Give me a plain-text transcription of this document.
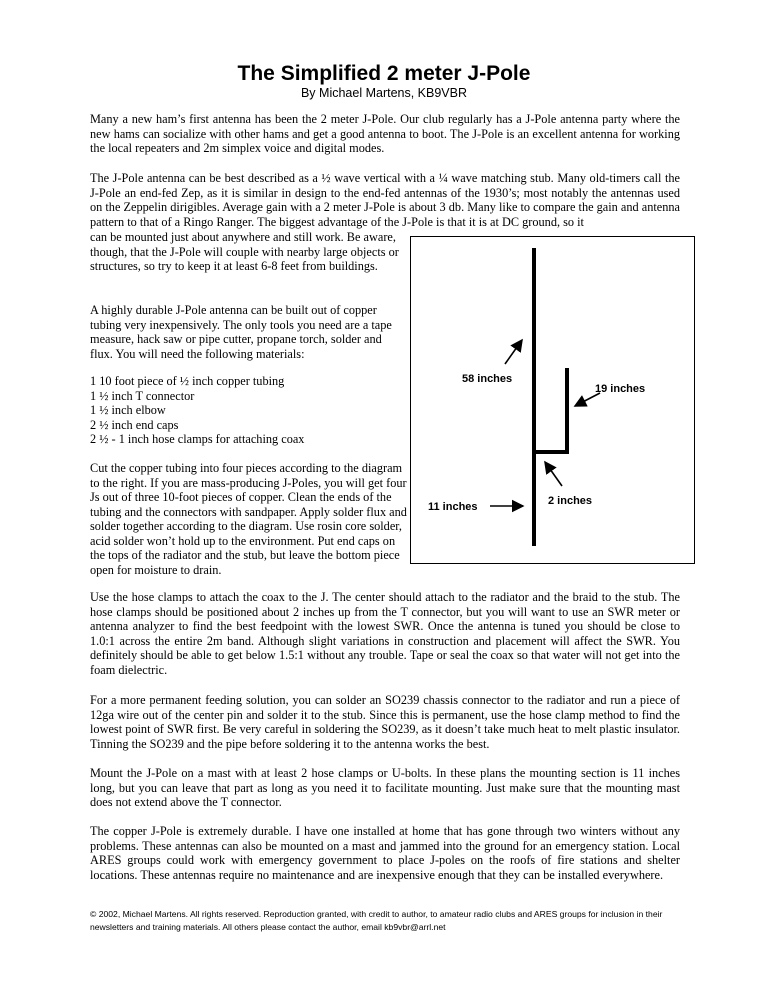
The Simplified 2 meter J-Pole
By Michael Martens, KB9VBR

Many a new ham’s first antenna has been the 2 meter J-Pole. Our club regularly has a J-Pole antenna party where the new hams can socialize with other hams and get a good antenna to boot. The J-Pole is an excellent antenna for working the local repeaters and 2m simplex voice and digital modes.

The J-Pole antenna can be best described as a ½ wave vertical with a ¼ wave matching stub. Many old-timers call the J-Pole an end-fed Zep, as it is similar in design to the end-fed antennas of the 1930’s; most notably the antennas used on the Zeppelin dirigibles. Average gain with a 2 meter J-Pole is about 3 db. Many like to compare the gain and antenna pattern to that of a Ringo Ranger. The biggest advantage of the J-Pole is that it is at DC ground, so it

can be mounted just about anywhere and still work. Be aware, though, that the J-Pole will couple with nearby large objects or structures, so try to keep it at least 6-8 feet from buildings.

A highly durable J-Pole antenna can be built out of copper tubing very inexpensively. The only tools you need are a tape measure, hack saw or pipe cutter, propane torch, solder and flux. You will need the following materials:

1 10 foot piece of ½ inch copper tubing
1 ½ inch T connector
1 ½ inch elbow
2 ½ inch end caps
2 ½ - 1 inch hose clamps for attaching coax

Cut the copper tubing into four pieces according to the diagram to the right. If you are mass-producing J-Poles, you will get four Js out of three 10-foot pieces of copper. Clean the ends of the tubing and the connectors with sandpaper. Apply solder flux and solder together according to the diagram. Use rosin core solder, acid solder won’t hold up to the environment. Put end caps on the tops of the radiator and the stub, but leave the bottom piece open for moisture to drain.

58 inches
19 inches
11 inches	2 inches

Use the hose clamps to attach the coax to the J. The center should attach to the radiator and the braid to the stub. The hose clamps should be positioned about 2 inches up from the T connector, but you will want to use an SWR meter or antenna analyzer to find the best feedpoint with the lowest SWR. Once the antenna is tuned you should be close to 1.0:1 across the entire 2m band. Although slight variations in construction and placement will affect the SWR. You definitely should be able to get below 1.5:1 without any trouble. Tape or seal the coax so that water will not get into the foam dielectric.

For a more permanent feeding solution, you can solder an SO239 chassis connector to the radiator and run a piece of 12ga wire out of the center pin and solder it to the stub. Since this is permanent, use the hose clamp method to find the lowest point of SWR first. Be very careful in soldering the SO239, as it doesn’t take much heat to melt plastic insulator. Tinning the SO239 and the pipe before soldering it to the antenna works the best.

Mount the J-Pole on a mast with at least 2 hose clamps or U-bolts. In these plans the mounting section is 11 inches long, but you can leave that part as long as you need it to facilitate mounting. Just make sure that the mounting mast does not extend above the T connector.

The copper J-Pole is extremely durable. I have one installed at home that has gone through two winters without any problems. These antennas can also be mounted on a mast and jammed into the ground for an emergency station. Local ARES groups could work with emergency government to place J-poles on the roofs of fire stations and shelter locations. These antennas require no maintenance and are inexpensive enough that they can be installed everywhere.

© 2002, Michael Martens. All rights reserved. Reproduction granted, with credit to author, to amateur radio clubs and ARES groups for inclusion in their newsletters and training materials. All others please contact the author, email kb9vbr@arrl.net
